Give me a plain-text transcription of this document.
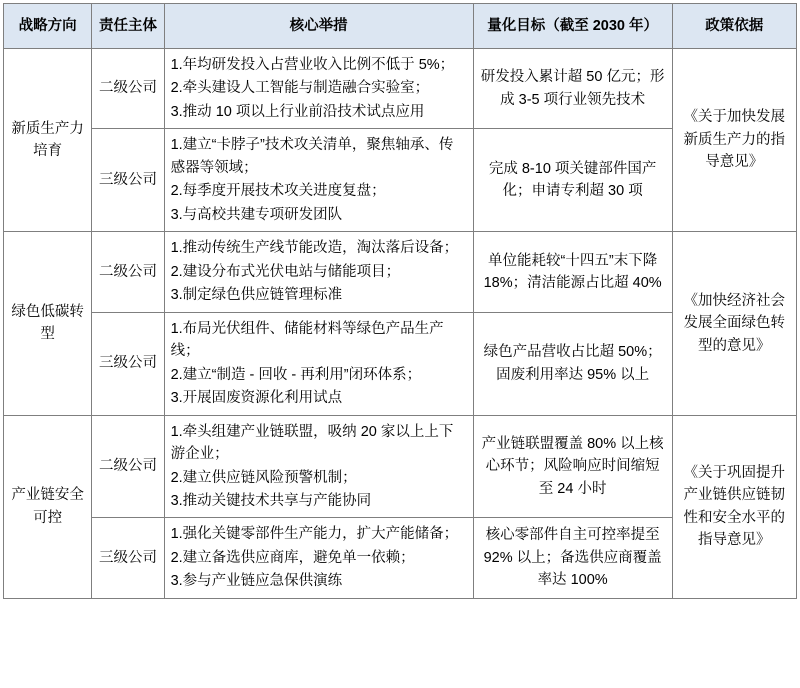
战略方向	责任主体	核心举措	量化目标（截至 2030 年）	政策依据
新质生产力培育	二级公司	1.年均研发投入占营业收入比例不低于 5%；
2.牵头建设人工智能与制造融合实验室；
3.推动 10 项以上行业前沿技术试点应用	研发投入累计超 50 亿元；形成 3-5 项行业领先技术	《关于加快发展新质生产力的指导意见》
	三级公司	1.建立“卡脖子”技术攻关清单，聚焦轴承、传感器等领域；
2.每季度开展技术攻关进度复盘；
3.与高校共建专项研发团队	完成 8-10 项关键部件国产化；申请专利超 30 项	
绿色低碳转型	二级公司	1.推动传统生产线节能改造，淘汰落后设备；
2.建设分布式光伏电站与储能项目；
3.制定绿色供应链管理标准	单位能耗较“十四五”末下降 18%；清洁能源占比超 40%	《加快经济社会发展全面绿色转型的意见》
	三级公司	1.布局光伏组件、储能材料等绿色产品生产线；
2.建立“制造 - 回收 - 再利用”闭环体系；
3.开展固废资源化利用试点	绿色产品营收占比超 50%；固废利用率达 95% 以上	
产业链安全可控	二级公司	1.牵头组建产业链联盟，吸纳 20 家以上上下游企业；
2.建立供应链风险预警机制；
3.推动关键技术共享与产能协同	产业链联盟覆盖 80% 以上核心环节；风险响应时间缩短至 24 小时	《关于巩固提升产业链供应链韧性和安全水平的指导意见》
	三级公司	1.强化关键零部件生产能力，扩大产能储备；
2.建立备选供应商库，避免单一依赖；
3.参与产业链应急保供演练	核心零部件自主可控率提至 92% 以上；备选供应商覆盖率达 100%	
